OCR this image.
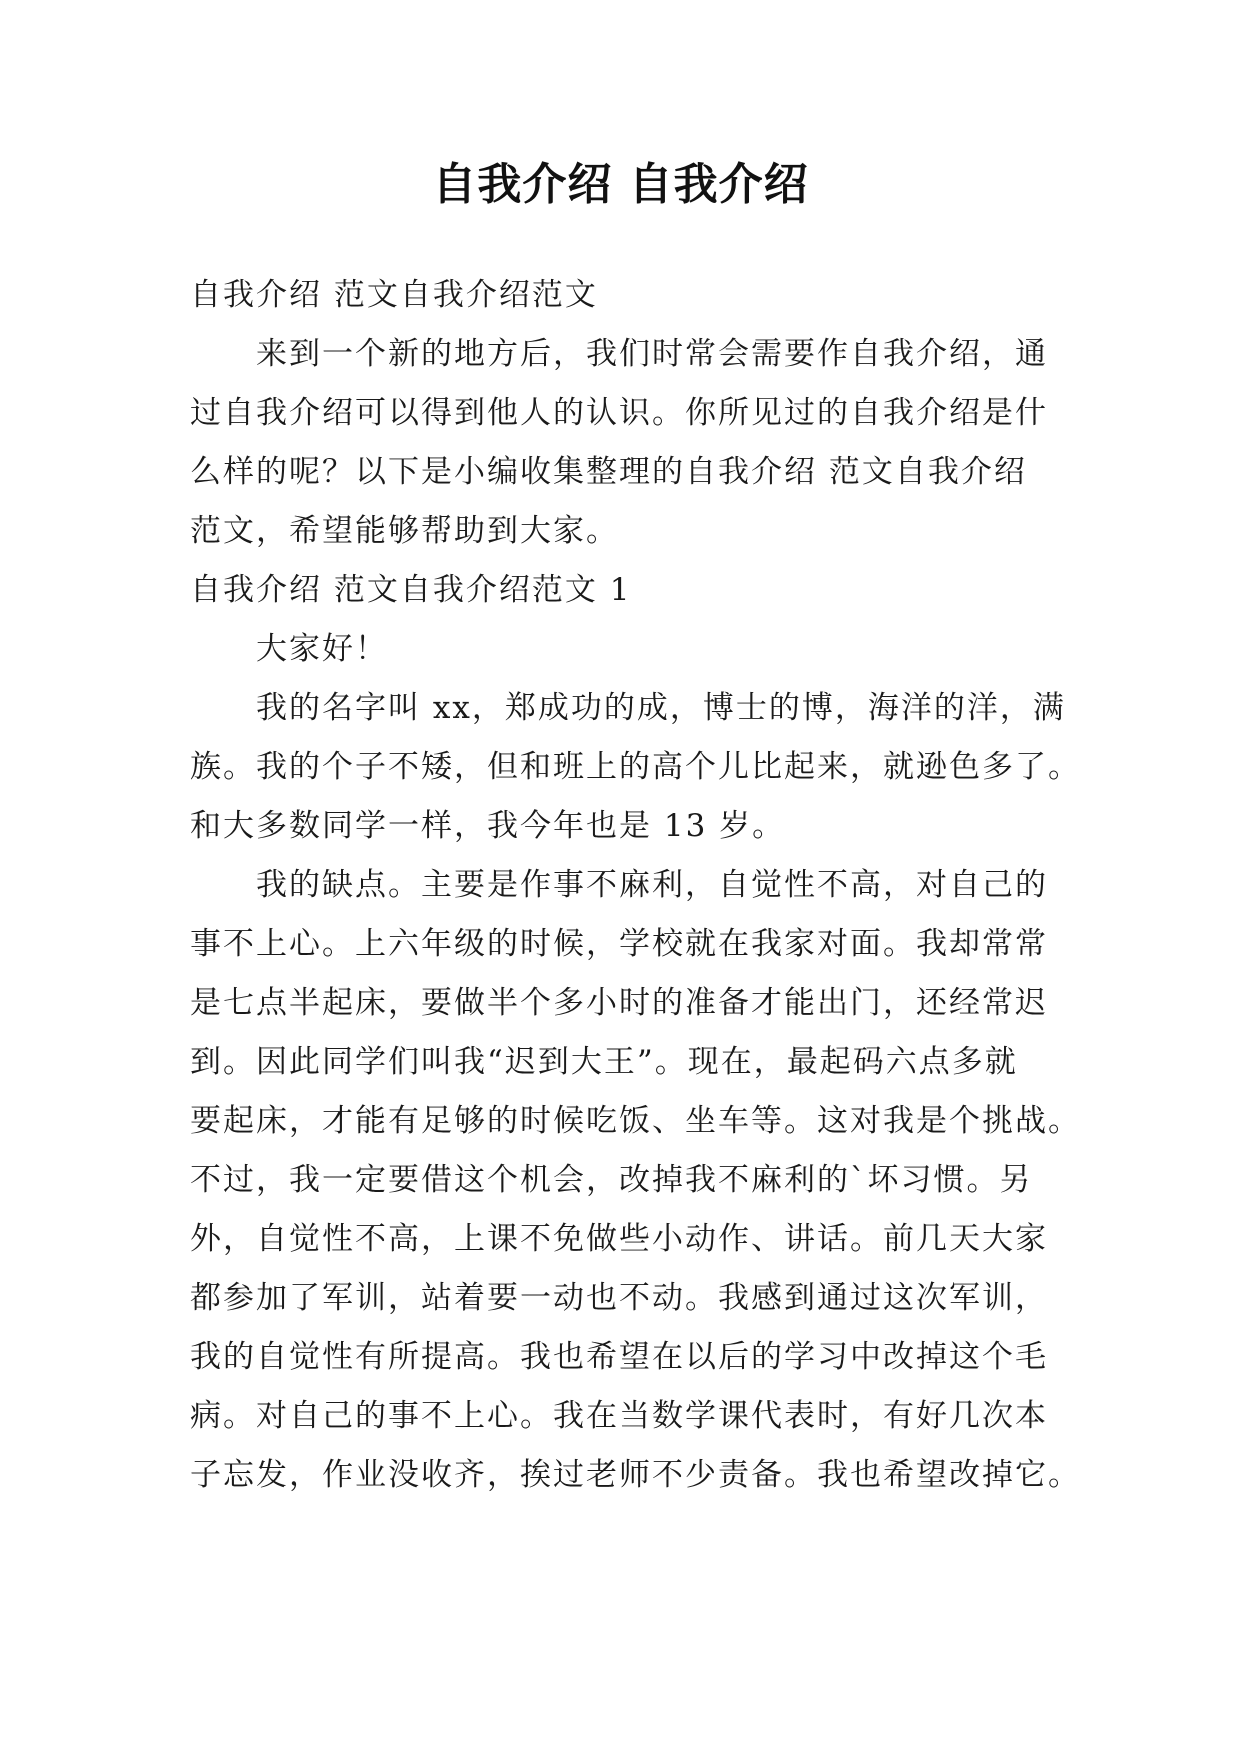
自我介绍 自我介绍
自我介绍 范文自我介绍范文
来到一个新的地方后，我们时常会需要作自我介绍，通
过自我介绍可以得到他人的认识。你所见过的自我介绍是什
么样的呢？以下是小编收集整理的自我介绍 范文自我介绍
范文，希望能够帮助到大家。
自我介绍 范文自我介绍范文 1
大家好！
我的名字叫 xx，郑成功的成，博士的博，海洋的洋，满
族。我的个子不矮，但和班上的高个儿比起来，就逊色多了。
和大多数同学一样，我今年也是 13 岁。
我的缺点。主要是作事不麻利，自觉性不高，对自己的
事不上心。上六年级的时候，学校就在我家对面。我却常常
是七点半起床，要做半个多小时的准备才能出门，还经常迟
到。因此同学们叫我“迟到大王”。现在，最起码六点多就
要起床，才能有足够的时候吃饭、坐车等。这对我是个挑战。
不过，我一定要借这个机会，改掉我不麻利的`坏习惯。另
外，自觉性不高，上课不免做些小动作、讲话。前几天大家
都参加了军训，站着要一动也不动。我感到通过这次军训，
我的自觉性有所提高。我也希望在以后的学习中改掉这个毛
病。对自己的事不上心。我在当数学课代表时，有好几次本
子忘发，作业没收齐，挨过老师不少责备。我也希望改掉它。
